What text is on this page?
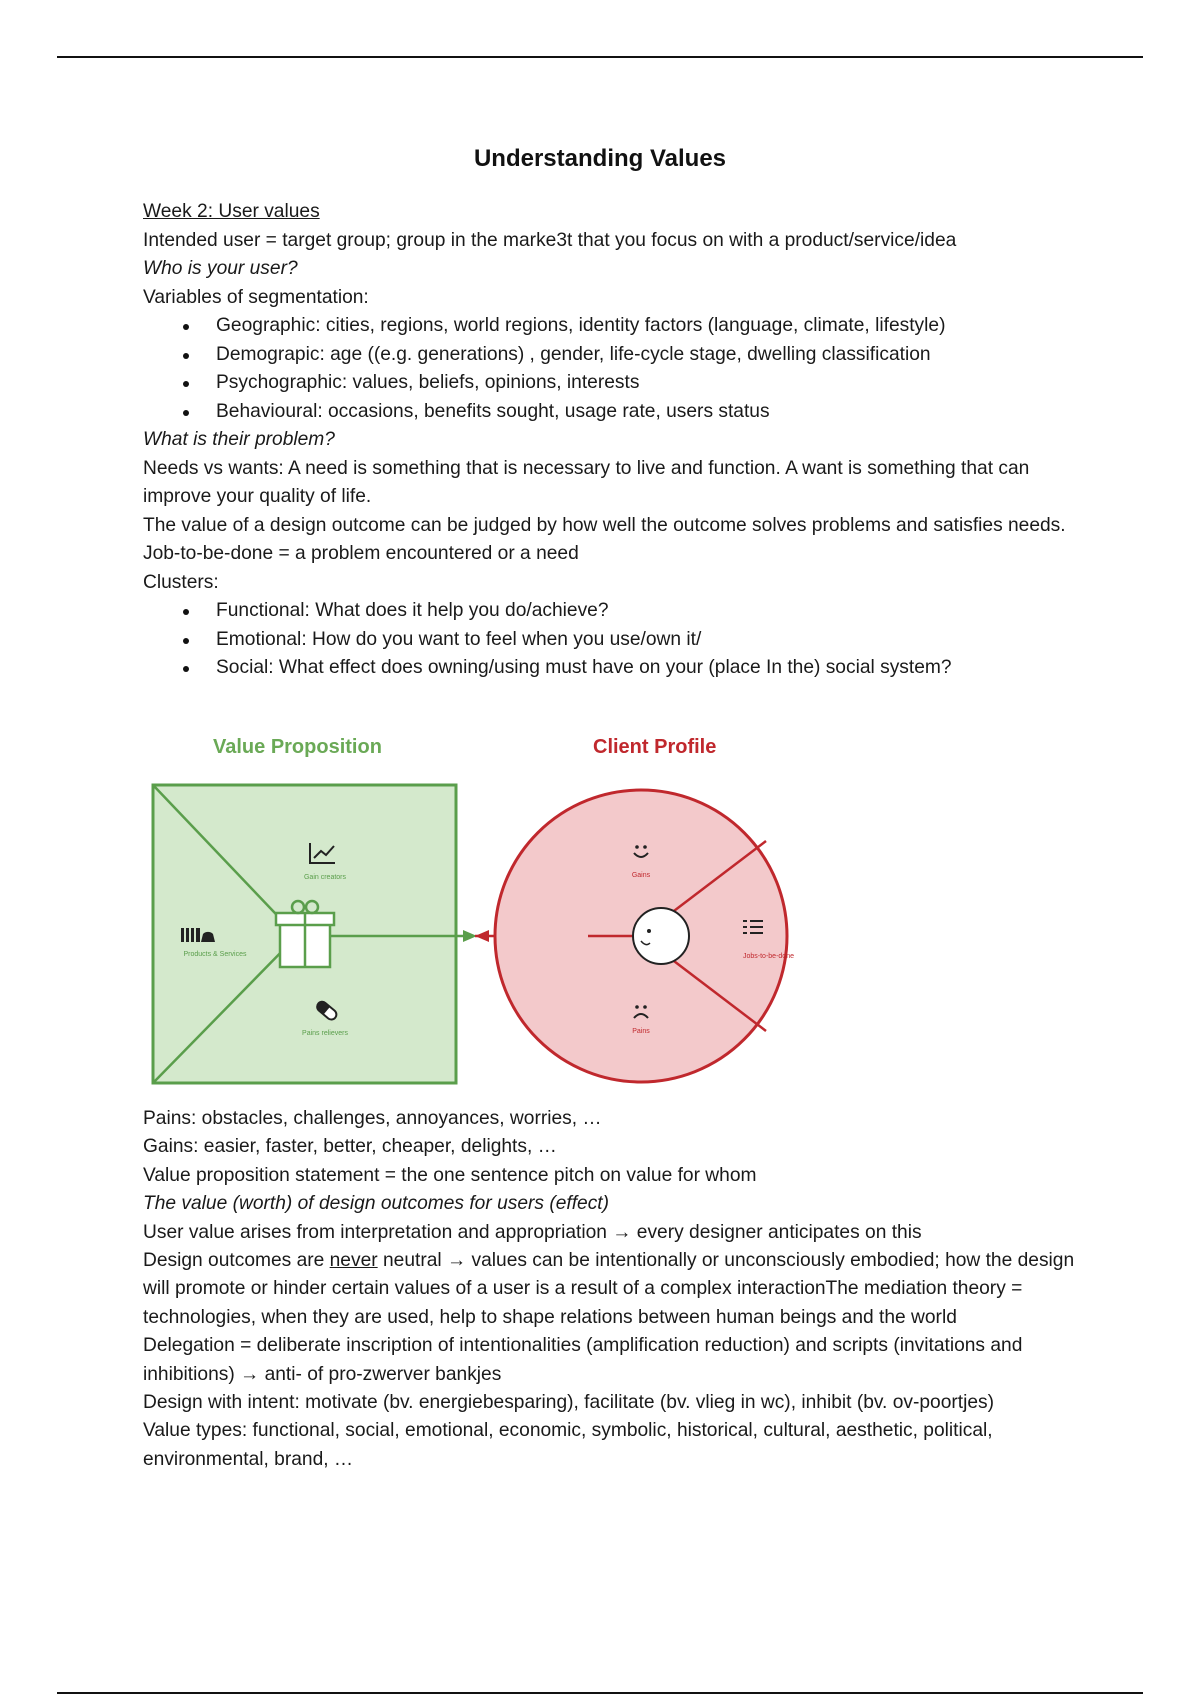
Understanding Values
Week 2: User values
Intended user = target group; group in the marke3t that you focus on with a product/service/idea
Who is your user?
Variables of segmentation:
Geographic: cities, regions, world regions, identity factors (language, climate, lifestyle)
Demograpic: age ((e.g. generations) , gender, life-cycle stage, dwelling classification
Psychographic: values, beliefs, opinions, interests
Behavioural: occasions, benefits sought, usage rate, users status
What is their problem?
Needs vs wants: A need is something that is necessary to live and function. A want is something that can improve your quality of life.
The value of a design outcome can be judged by how well the outcome solves problems and satisfies needs.
Job-to-be-done = a problem encountered or a need
Clusters:
Functional: What does it help you do/achieve?
Emotional: How do you want to feel when you use/own it/
Social: What effect does owning/using must have on your (place In the) social system?
Value Proposition	Client Profile
Gain creators
Products & Services
Pains relievers
Gains
Jobs-to-be-done
Pains
Pains: obstacles, challenges, annoyances, worries, …
Gains: easier, faster, better, cheaper, delights, …
Value proposition statement = the one sentence pitch on value for whom
The value (worth) of design outcomes for users (effect)
User value arises from interpretation and appropriation → every designer anticipates on this
Design outcomes are never neutral → values can be intentionally or unconsciously embodied; how the design will promote or hinder certain values of a user is a result of a complex interactionThe mediation theory = technologies, when they are used, help to shape relations between human beings and the world
Delegation = deliberate inscription of intentionalities (amplification reduction) and scripts (invitations and inhibitions) → anti- of pro-zwerver bankjes
Design with intent: motivate (bv. energiebesparing), facilitate (bv. vlieg in wc), inhibit (bv. ov-poortjes)
Value types: functional, social, emotional, economic, symbolic, historical, cultural, aesthetic, political, environmental, brand, …
